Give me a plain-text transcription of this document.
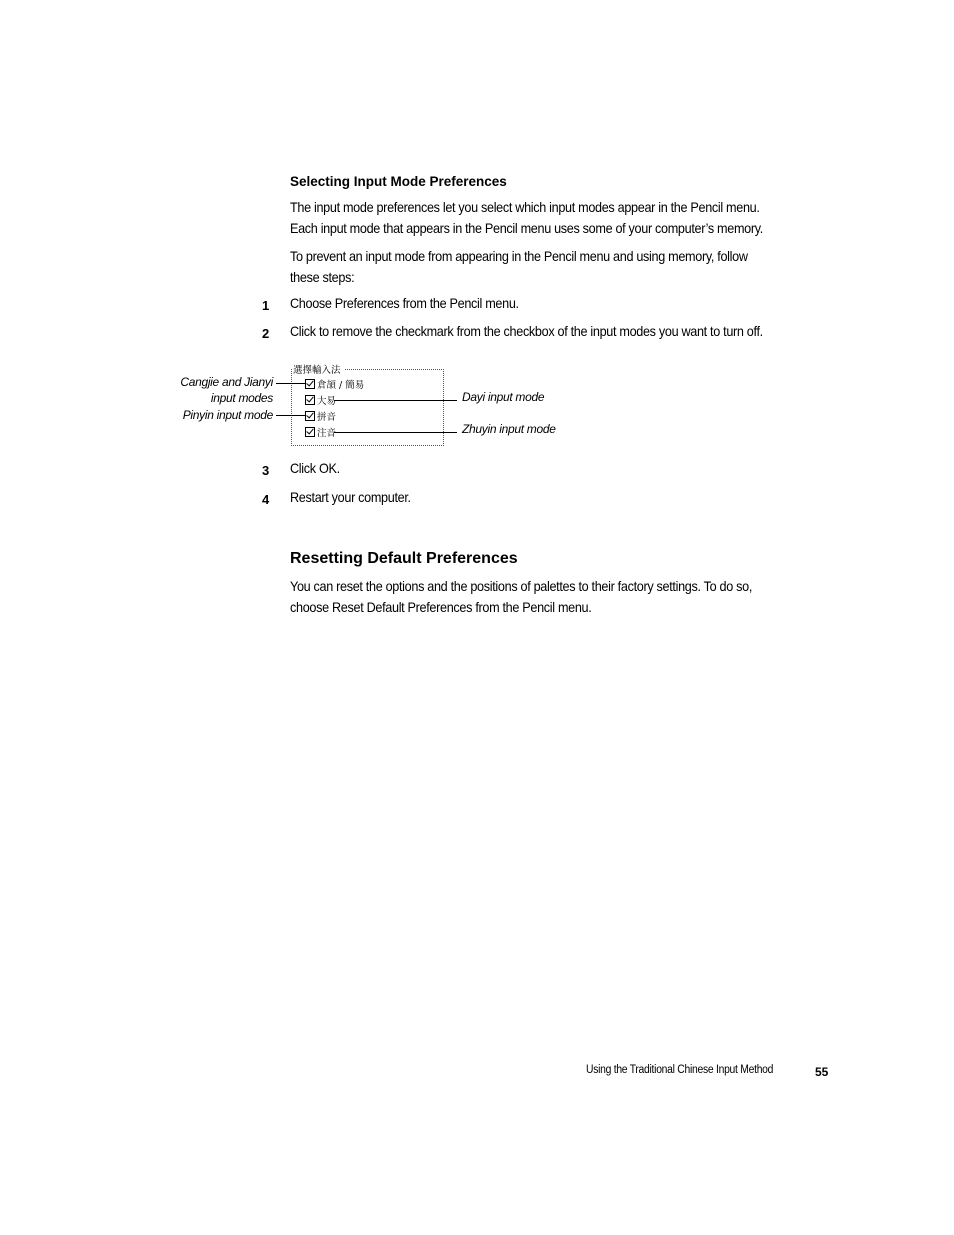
Selecting Input Mode Preferences
The input mode preferences let you select which input modes appear in the Pencil menu.
Each input mode that appears in the Pencil menu uses some of your computer’s memory.
To prevent an input mode from appearing in the Pencil menu and using memory, follow
these steps:
1 Choose Preferences from the Pencil menu.
2 Click to remove the checkmark from the checkbox of the input modes you want to turn off.
選擇輸入法
倉頡 / 簡易
大易
拼音
注音
Cangjie and Jianyi
input modes
Pinyin input mode
Dayi input mode
Zhuyin input mode
3 Click OK.
4 Restart your computer.
Resetting Default Preferences
You can reset the options and the positions of palettes to their factory settings. To do so,
choose Reset Default Preferences from the Pencil menu.
Using the Traditional Chinese Input Method	55
